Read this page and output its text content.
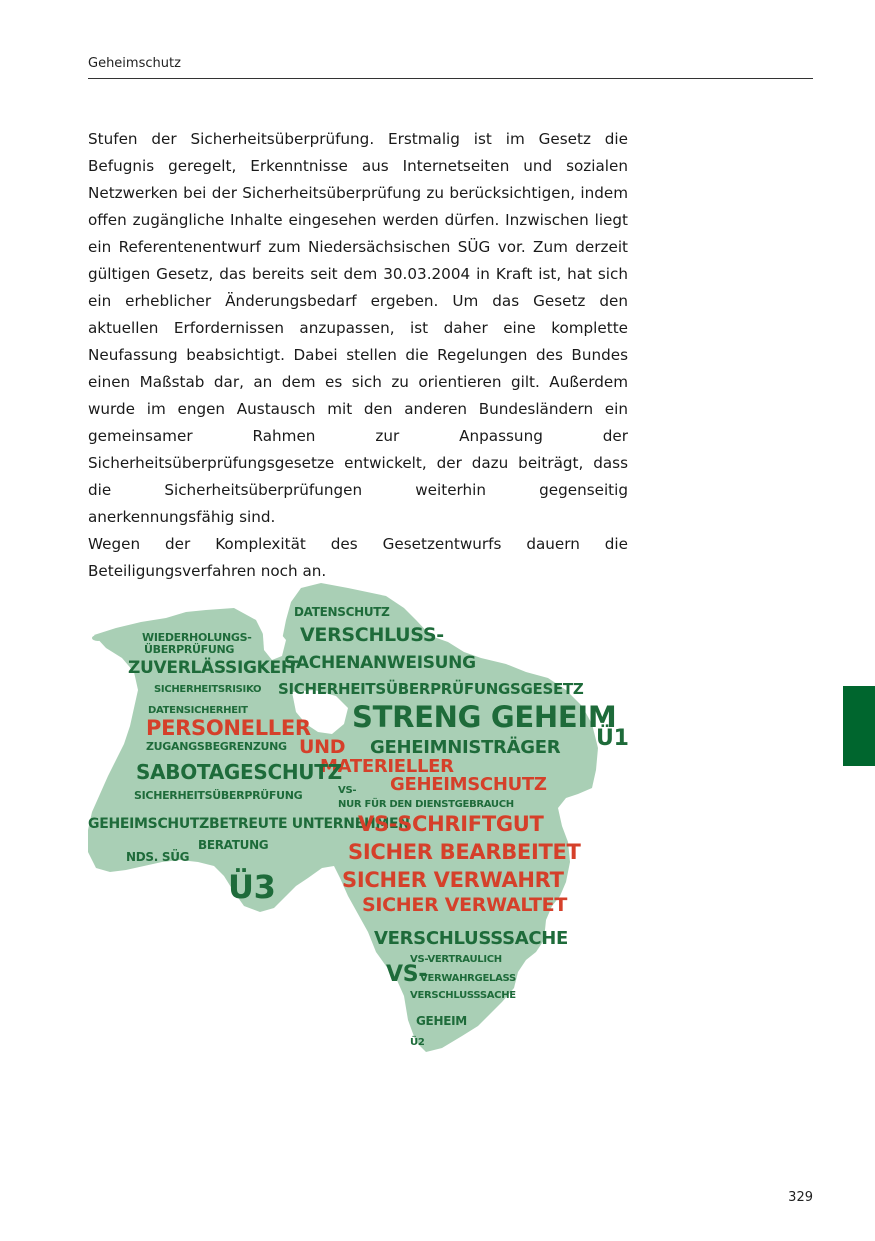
Geheimschutz

Stufen der Sicherheitsüberprüfung. Erstmalig ist im Gesetz die Befugnis geregelt, Erkenntnisse aus Internetseiten und sozialen Netzwerken bei der Sicherheitsüberprüfung zu berücksichtigen, indem offen zugängliche Inhalte eingesehen werden dürfen. Inzwischen liegt ein Referentenentwurf zum Niedersächsischen SÜG vor. Zum derzeit gültigen Gesetz, das bereits seit dem 30.03.2004 in Kraft ist, hat sich ein erheblicher Änderungsbedarf ergeben. Um das Gesetz den aktuellen Erfordernissen anzupassen, ist daher eine komplette Neufassung beabsichtigt. Dabei stellen die Regelungen des Bundes einen Maßstab dar, an dem es sich zu orientieren gilt. Außerdem wurde im engen Austausch mit den anderen Bundesländern ein gemeinsamer Rahmen zur Anpassung der Sicherheitsüberprüfungsgesetze entwickelt, der dazu beiträgt, dass die Sicherheitsüberprüfungen weiterhin gegenseitig anerkennungsfähig sind.

Wegen der Komplexität des Gesetzentwurfs dauern die Beteiligungsverfahren noch an.

DATENSCHUTZ
VERSCHLUSS-
SACHENANWEISUNG
WIEDERHOLUNGS-
ÜBERPRÜFUNG
ZUVERLÄSSIGKEIT
SICHERHEITSRISIKO SICHERHEITSÜBERPRÜFUNGSGESETZ
DATENSICHERHEIT	STRENG GEHEIM
Ü1
PERSONELLER
ZUGANGSBEGRENZUNG UND GEHEIMNISTRÄGER
MATERIELLER
SABOTAGESCHUTZ
GEHEIMSCHUTZ
SICHERHEITSÜBERPRÜFUNG	VS-
NUR FÜR DEN DIENSTGEBRAUCH
GEHEIMSCHUTZBETREUTE UNTERNEHMEN
VS-SCHRIFTGUT
NDS. SÜG
BERATUNG	SICHER BEARBEITET
Ü3	SICHER VERWAHRT
SICHER VERWALTET
VERSCHLUSSSACHE
VS-VERTRAULICH
VS-
VERWAHRGELASS
VERSCHLUSSSACHE
GEHEIM
Ü2
329
